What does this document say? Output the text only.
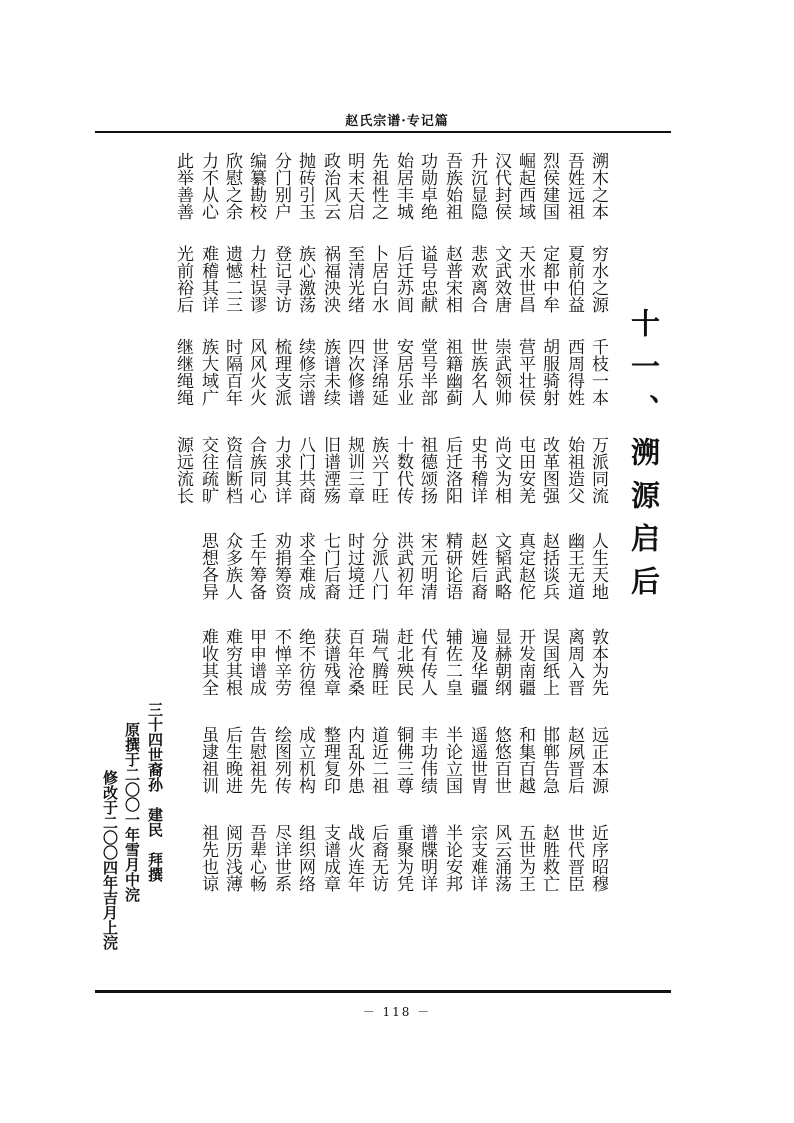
赵氏宗谱·专记篇
十一、溯源启后
溯木之本
穷水之源
千枝一本
万派同流
人生天地
敦本为先
远正本源
近序昭穆
吾姓远祖
夏前伯益
西周得姓
始祖造父
幽王无道
离周入晋
赵夙晋后
世代晋臣
烈侯建国
定都中牟
胡服骑射
改革图强
赵括谈兵
误国纸上
邯郸告急
赵胜救亡
崛起西域
天水世昌
营平壮侯
屯田安羌
真定赵佗
开发南疆
和集百越
五世为王
汉代封侯
文武效唐
崇武领帅
尚文为相
文韬武略
显赫朝纲
悠悠百世
风云涌荡
升沉显隐
悲欢离合
世族名人
史书稽详
赵姓后裔
遍及华疆
遥遥世胄
宗支难详
吾族始祖
赵普宋相
祖籍幽蓟
后迁洛阳
精研论语
辅佐二皇
半论立国
半论安邦
功勋卓绝
谥号忠献
堂号半部
祖德颂扬
宋元明清
代有传人
丰功伟绩
谱牒明详
始居丰城
后迁苏闾
安居乐业
十数代传
洪武初年
赶北殃民
铜佛三尊
重聚为凭
先祖性之
卜居白水
世泽绵延
族兴丁旺
分派八门
瑞气腾旺
道近二祖
后裔无访
明末天启
至清光绪
四次修谱
规训三章
时过境迁
百年沧桑
内乱外患
战火连年
政治风云
祸福泱泱
族谱未续
旧谱湮殇
七门后裔
获谱残章
整理复印
支谱成章
抛砖引玉
族心激荡
续修宗谱
八门共商
求全难成
绝不彷徨
成立机构
组织网络
分门别户
登记寻访
梳理支派
力求其详
劝捐筹资
不惮辛劳
绘图列传
尽详世系
编纂勘校
力杜误谬
风风火火
合族同心
壬午筹备
甲申谱成
告慰祖先
吾辈心畅
欣慰之余
遗憾二三
时隔百年
资信断档
众多族人
难穷其根
后生晚进
阅历浅薄
力不从心
难稽其详
族大域广
交往疏旷
思想各异
难收其全
虽逮祖训
祖先也谅
此举善善
光前裕后
继继绳绳
源远流长
三十四世裔孙　建民　拜撰
原撰于二〇〇一年雪月中浣
修改于二〇〇四年吉月上浣
－ 118 －
